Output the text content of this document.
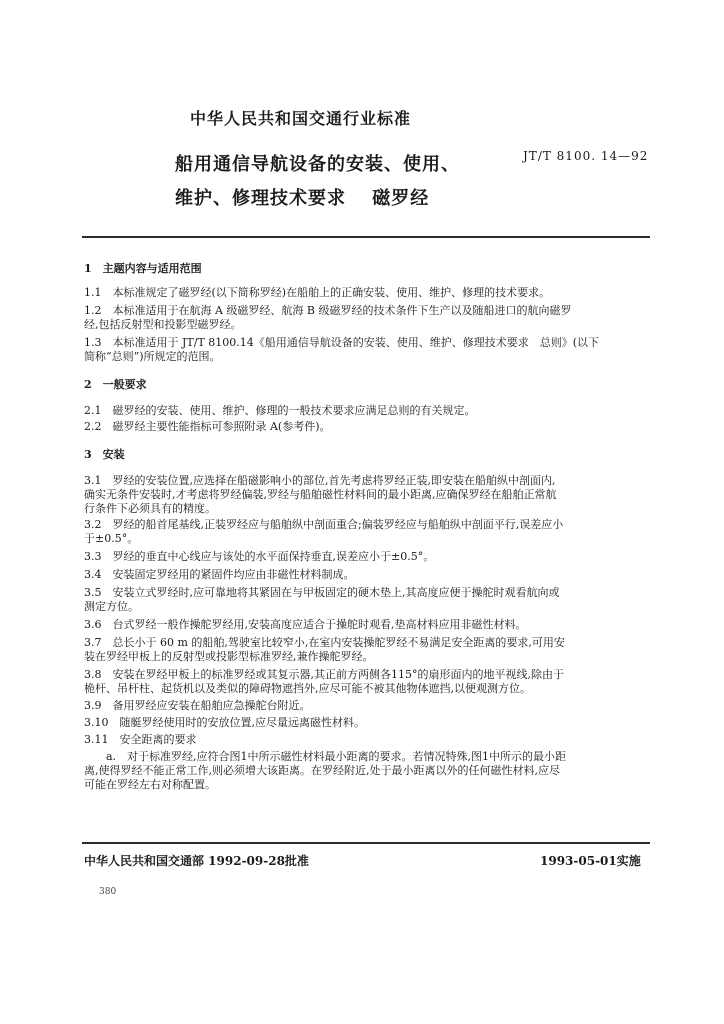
中华人民共和国交通行业标准
船用通信导航设备的安装、使用、	JT/T 8100. 14—92
维护、修理技术要求　 磁罗经

1　主题内容与适用范围

1.1　本标准规定了磁罗经(以下简称罗经)在船舶上的正确安装、使用、维护、修理的技术要求。

1.2　本标准适用于在航海 A 级磁罗经、航海 B 级磁罗经的技术条件下生产以及随船进口的航向磁罗

经,包括反射型和投影型磁罗经。

1.3　本标准适用于 JT/T 8100.14《船用通信导航设备的安装、使用、维护、修理技术要求　总则》(以下

简称“总则”)所规定的范围。

2　一般要求

2.1　磁罗经的安装、使用、维护、修理的一般技术要求应满足总则的有关规定。

2.2　磁罗经主要性能指标可参照附录 A(参考件)。

3　安装

3.1　罗经的安装位置,应选择在船磁影响小的部位,首先考虑将罗经正装,即安装在船舶纵中剖面内,

确实无条件安装时,才考虑将罗经偏装,罗经与船舶磁性材料间的最小距离,应确保罗经在船舶正常航

行条件下必须具有的精度。

3.2　罗经的船首尾基线,正装罗经应与船舶纵中剖面重合;偏装罗经应与船舶纵中剖面平行,误差应小

于±0.5°。

3.3　罗经的垂直中心线应与该处的水平面保持垂直,误差应小于±0.5°。

3.4　安装固定罗经用的紧固件均应由非磁性材料制成。

3.5　安装立式罗经时,应可靠地将其紧固在与甲板固定的硬木垫上,其高度应便于操舵时观看航向或

测定方位。

3.6　台式罗经一般作操舵罗经用,安装高度应适合于操舵时观看,垫高材料应用非磁性材料。

3.7　总长小于 60 m 的船舶,驾驶室比较窄小,在室内安装操舵罗经不易满足安全距离的要求,可用安

装在罗经甲板上的反射型或投影型标准罗经,兼作操舵罗经。

3.8　安装在罗经甲板上的标准罗经或其复示器,其正前方两侧各115°的扇形面内的地平视线,除由于

桅杆、吊杆柱、起货机以及类似的障碍物遮挡外,应尽可能不被其他物体遮挡,以便观测方位。

3.9　备用罗经应安装在船舶应急操舵台附近。

3.10　随艇罗经使用时的安放位置,应尽量远离磁性材料。

3.11　安全距离的要求

　　a.　对于标准罗经,应符合图1中所示磁性材料最小距离的要求。若情况特殊,图1中所示的最小距

离,使得罗经不能正常工作,则必须增大该距离。在罗经附近,处于最小距离以外的任何磁性材料,应尽

可能在罗经左右对称配置。

中华人民共和国交通部 1992-09-28批准	1993-05-01实施
380
